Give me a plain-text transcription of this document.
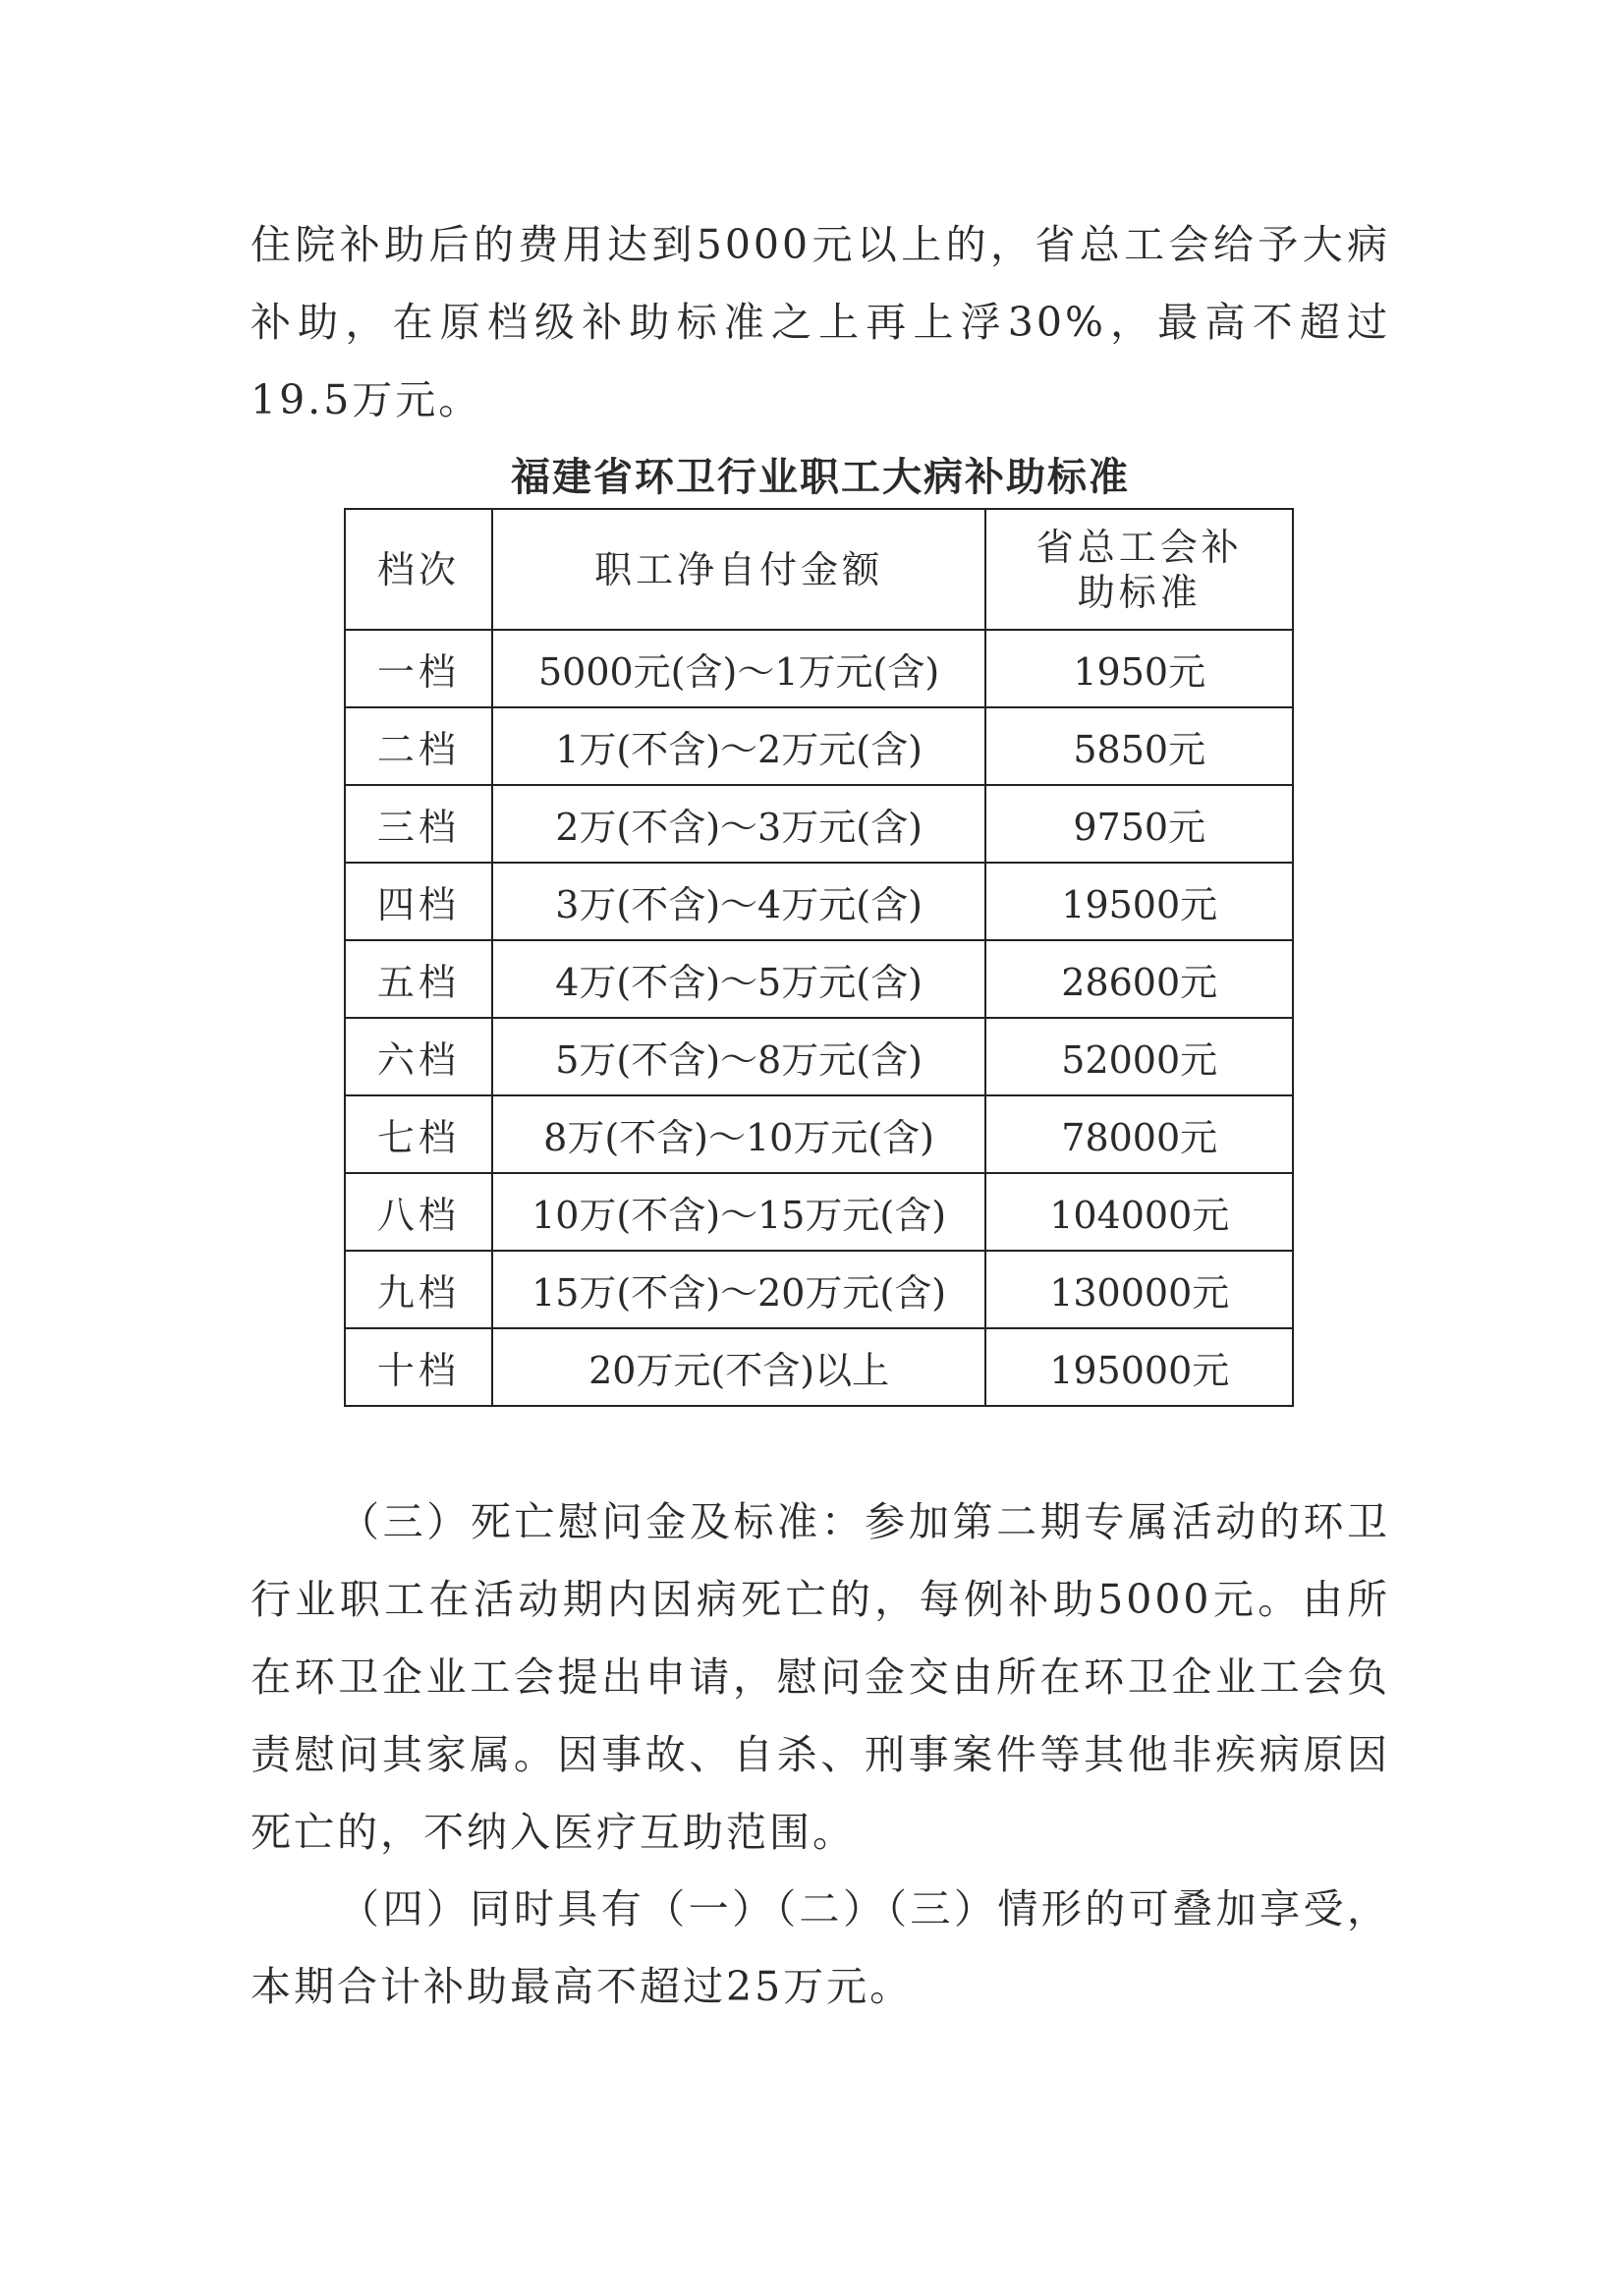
住院补助后的费用达到5000元以上的，省总工会给予大病补助，在原档级补助标准之上再上浮30%，最高不超过19.5万元。

福建省环卫行业职工大病补助标准
档次	职工净自付金额	省总工会补助标准
一档	5000元(含)～1万元(含)	1950元
二档	1万(不含)～2万元(含)	5850元
三档	2万(不含)～3万元(含)	9750元
四档	3万(不含)～4万元(含)	19500元
五档	4万(不含)～5万元(含)	28600元
六档	5万(不含)～8万元(含)	52000元
七档	8万(不含)～10万元(含)	78000元
八档	10万(不含)～15万元(含)	104000元
九档	15万(不含)～20万元(含)	130000元
十档	20万元(不含)以上	195000元

（三）死亡慰问金及标准：参加第二期专属活动的环卫行业职工在活动期内因病死亡的，每例补助5000元。由所在环卫企业工会提出申请，慰问金交由所在环卫企业工会负责慰问其家属。因事故、自杀、刑事案件等其他非疾病原因死亡的，不纳入医疗互助范围。

（四）同时具有（一）（二）（三）情形的可叠加享受，本期合计补助最高不超过25万元。
